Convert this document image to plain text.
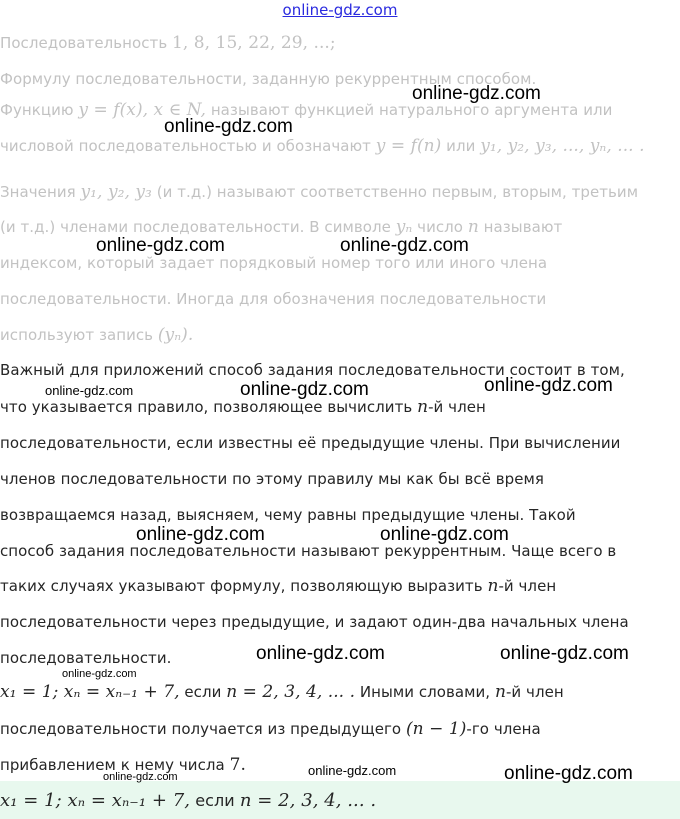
online-gdz.com
Последовательность 1, 8, 15, 22, 29, ...;
Формулу последовательности, заданную рекуррентным способом.
Функцию y = f(x), x ∈ N, называют функцией натурального аргумента или
числовой последовательностью и обозначают y = f(n) или y₁, y₂, y₃, ..., yₙ, ... .
Значения y₁, y₂, y₃ (и т.д.) называют соответственно первым, вторым, третьим
(и т.д.) членами последовательности. В символе yₙ число n называют
индексом, который задает порядковый номер того или иного члена
последовательности. Иногда для обозначения последовательности
используют запись (yₙ).
Важный для приложений способ задания последовательности состоит в том,
что указывается правило, позволяющее вычислить n-й член
последовательности, если известны её предыдущие члены. При вычислении
членов последовательности по этому правилу мы как бы всё время
возвращаемся назад, выясняем, чему равны предыдущие члены. Такой
способ задания последовательности называют рекуррентным. Чаще всего в
таких случаях указывают формулу, позволяющую выразить n-й член
последовательности через предыдущие, и задают один-два начальных члена
последовательности.
x₁ = 1; xₙ = xₙ₋₁ + 7, если n = 2, 3, 4, ... . Иными словами, n-й член
последовательности получается из предыдущего (n − 1)-го члена
прибавлением к нему числа 7.
x₁ = 1; xₙ = xₙ₋₁ + 7, если n = 2, 3, 4, ... .
online-gdz.com
online-gdz.com
online-gdz.com	online-gdz.com
online-gdz.com	online-gdz.com	online-gdz.com
online-gdz.com	online-gdz.com
online-gdz.com	online-gdz.com
online-gdz.com
online-gdz.com	online-gdz.com	online-gdz.com
